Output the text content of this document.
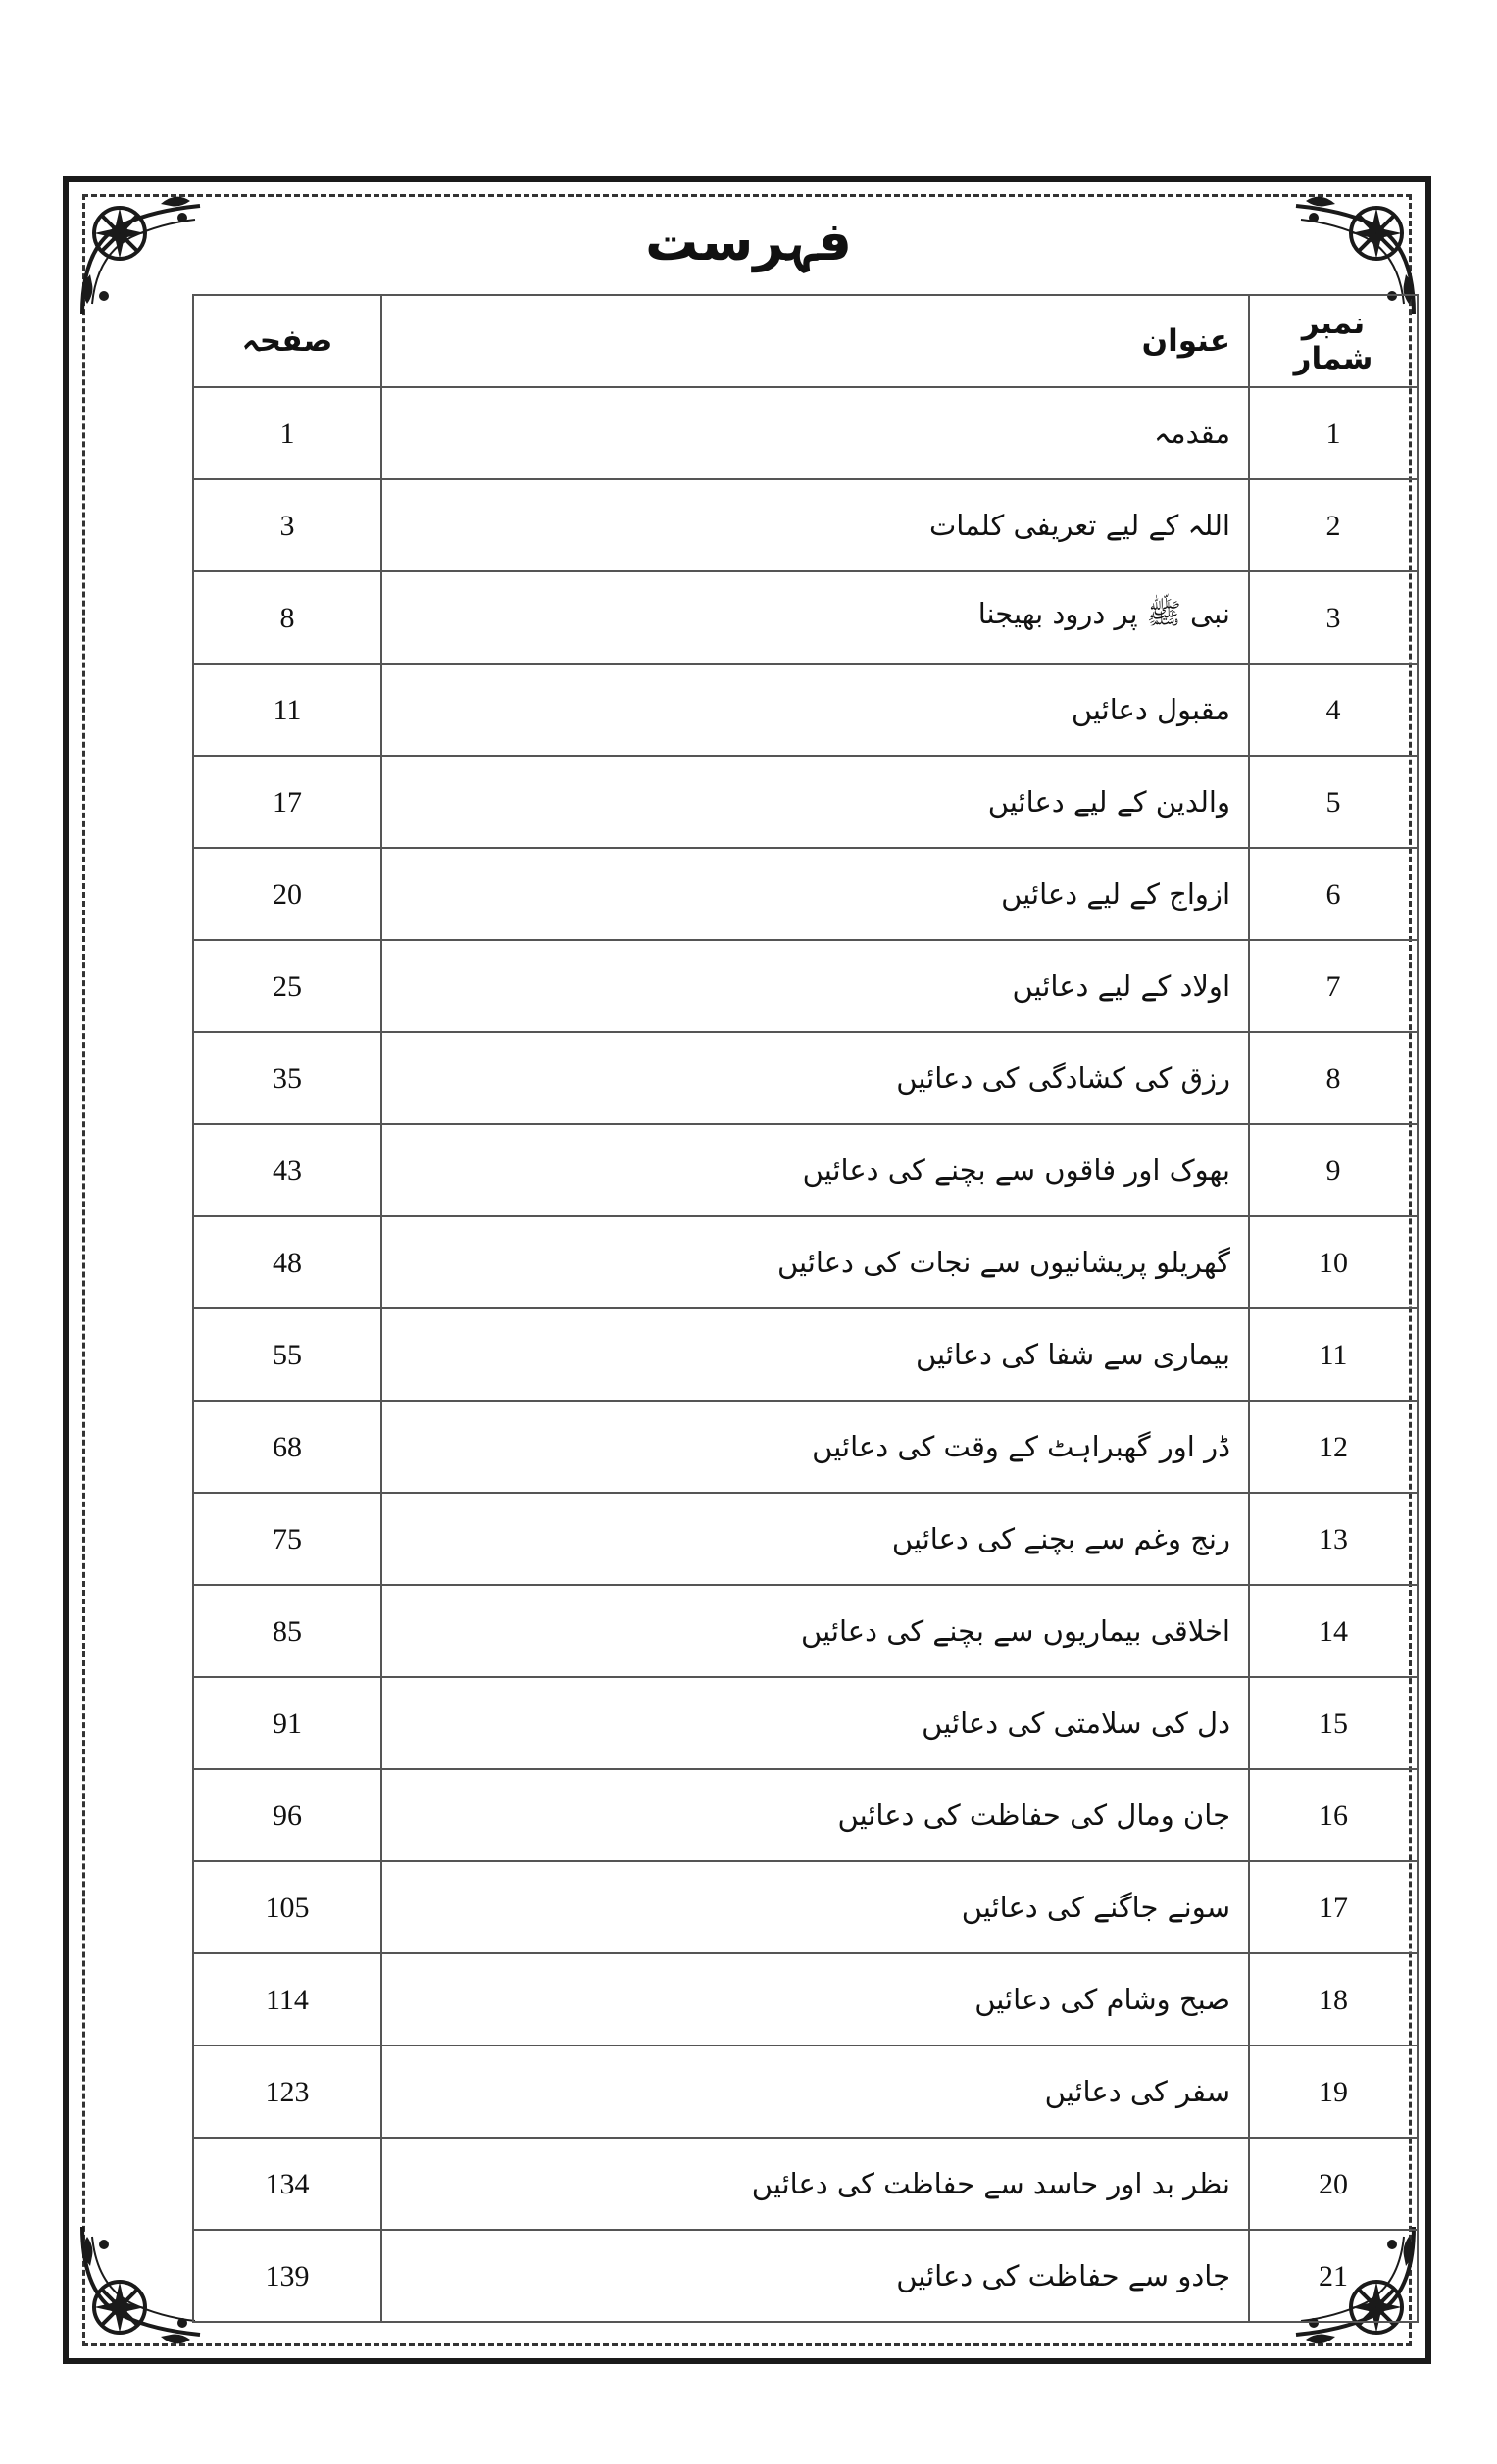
فہرست
نمبر شمار	عنوان	صفحہ
1	مقدمہ	1
2	اللہ کے لیے تعریفی کلمات	3
3	نبی ﷺ پر درود بھیجنا	8
4	مقبول دعائیں	11
5	والدین کے لیے دعائیں	17
6	ازواج کے لیے دعائیں	20
7	اولاد کے لیے دعائیں	25
8	رزق کی کشادگی کی دعائیں	35
9	بھوک اور فاقوں سے بچنے کی دعائیں	43
10	گھریلو پریشانیوں سے نجات کی دعائیں	48
11	بیماری سے شفا کی دعائیں	55
12	ڈر اور گھبراہٹ کے وقت کی دعائیں	68
13	رنج وغم سے بچنے کی دعائیں	75
14	اخلاقی بیماریوں سے بچنے کی دعائیں	85
15	دل کی سلامتی کی دعائیں	91
16	جان ومال کی حفاظت کی دعائیں	96
17	سونے جاگنے کی دعائیں	105
18	صبح وشام کی دعائیں	114
19	سفر کی دعائیں	123
20	نظر بد اور حاسد سے حفاظت کی دعائیں	134
21	جادو سے حفاظت کی دعائیں	139
